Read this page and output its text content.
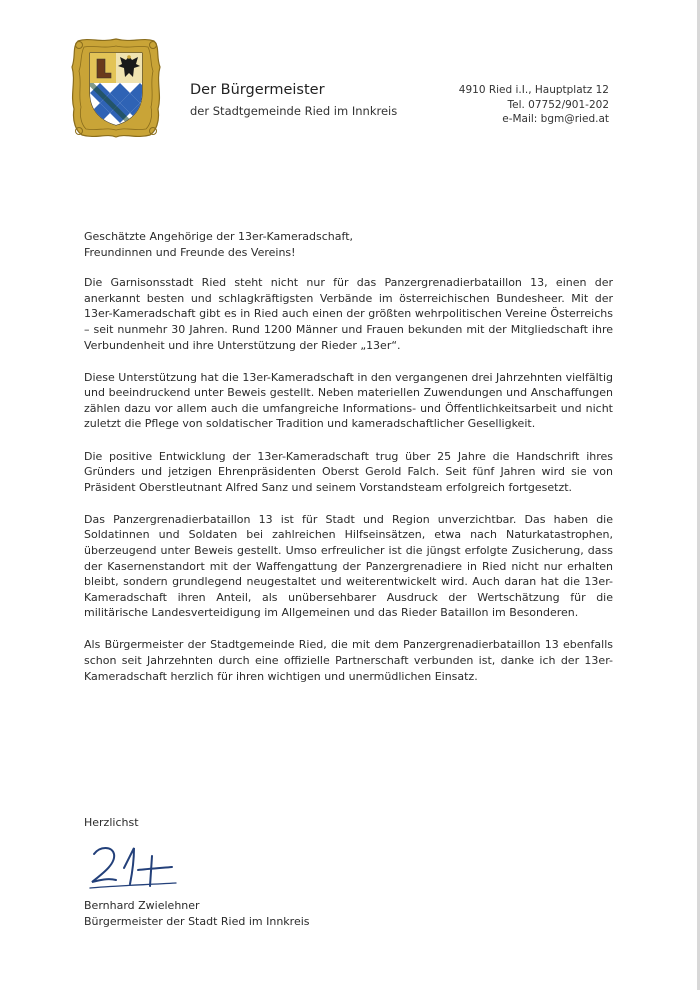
Der Bürgermeister
der Stadtgemeinde Ried im Innkreis
4910 Ried i.I., Hauptplatz 12
Tel. 07752/901-202
e-Mail: bgm@ried.at

Geschätzte Angehörige der 13er-Kameradschaft,
Freundinnen und Freunde des Vereins!

Die Garnisonsstadt Ried steht nicht nur für das Panzergrenadierbataillon 13, einen der anerkannt besten und schlagkräftigsten Verbände im österreichischen Bundesheer. Mit der 13er-Kameradschaft gibt es in Ried auch einen der größten wehrpolitischen Vereine Österreichs – seit nunmehr 30 Jahren. Rund 1200 Männer und Frauen bekunden mit der Mitgliedschaft ihre Verbundenheit und ihre Unterstützung der Rieder „13er“.

Diese Unterstützung hat die 13er-Kameradschaft in den vergangenen drei Jahrzehnten vielfältig und beeindruckend unter Beweis gestellt. Neben materiellen Zuwendungen und Anschaffungen zählen dazu vor allem auch die umfangreiche Informations- und Öffentlichkeitsarbeit und nicht zuletzt die Pflege von soldatischer Tradition und kameradschaftlicher Geselligkeit.

Die positive Entwicklung der 13er-Kameradschaft trug über 25 Jahre die Handschrift ihres Gründers und jetzigen Ehrenpräsidenten Oberst Gerold Falch. Seit fünf Jahren wird sie von Präsident Oberstleutnant Alfred Sanz und seinem Vorstandsteam erfolgreich fortgesetzt.

Das Panzergrenadierbataillon 13 ist für Stadt und Region unverzichtbar. Das haben die Soldatinnen und Soldaten bei zahlreichen Hilfseinsätzen, etwa nach Naturkatastrophen, überzeugend unter Beweis gestellt. Umso erfreulicher ist die jüngst erfolgte Zusicherung, dass der Kasernenstandort mit der Waffengattung der Panzergrenadiere in Ried nicht nur erhalten bleibt, sondern grundlegend neugestaltet und weiterentwickelt wird. Auch daran hat die 13er-Kameradschaft ihren Anteil, als unübersehbarer Ausdruck der Wertschätzung für die militärische Landesverteidigung im Allgemeinen und das Rieder Bataillon im Besonderen.

Als Bürgermeister der Stadtgemeinde Ried, die mit dem Panzergrenadierbataillon 13 ebenfalls schon seit Jahrzehnten durch eine offizielle Partnerschaft verbunden ist, danke ich der 13er-Kameradschaft herzlich für ihren wichtigen und unermüdlichen Einsatz.

Herzlichst
Bernhard Zwielehner
Bürgermeister der Stadt Ried im Innkreis
